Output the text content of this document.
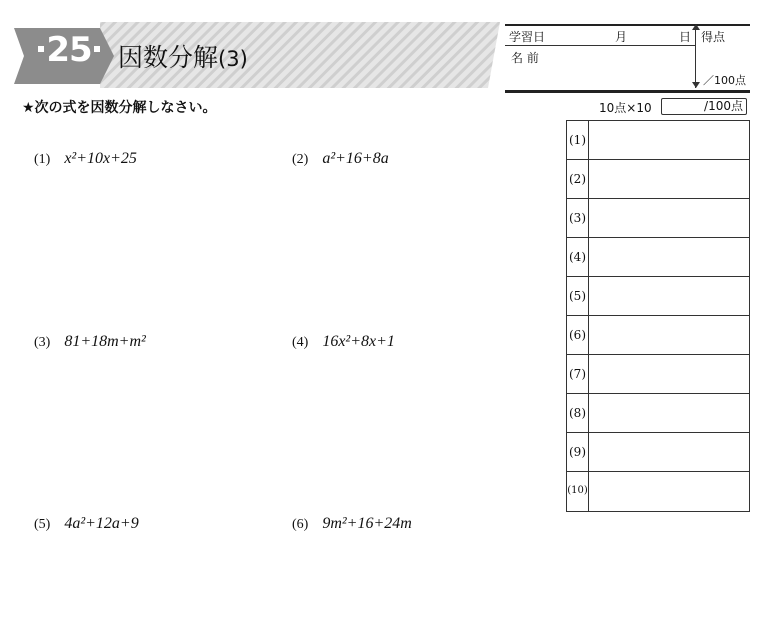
25 因数分解(3)
学習日	月	日 得点
名 前
／100点
★次の式を因数分解しなさい。	10点×10	/100点
(1)
(2)
(3)
(4)
(5)
(6)
(7)
(8)
(9)
(10)
(1) x²+10x+25	(2) a²+16+8a
(3) 81+18m+m²	(4) 16x²+8x+1
(5) 4a²+12a+9	(6) 9m²+16+24m
